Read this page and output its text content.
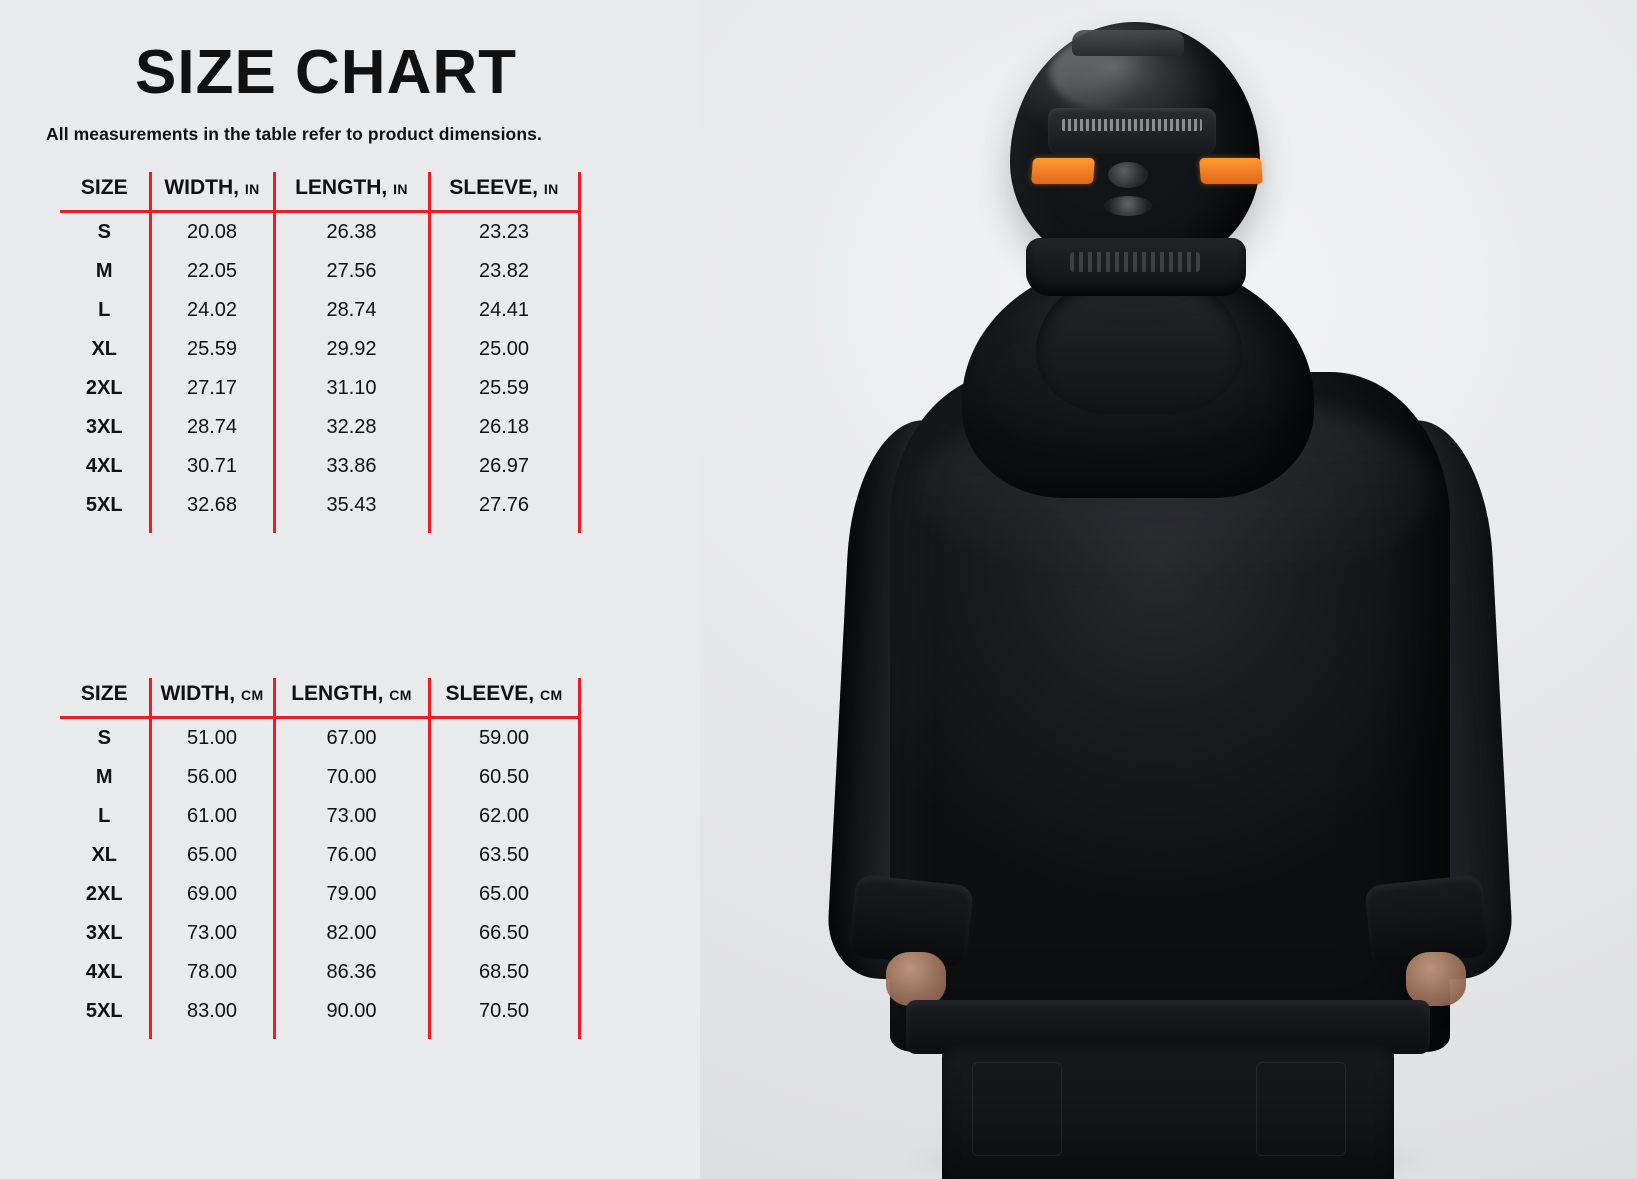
SIZE CHART
All measurements in the table refer to product dimensions.
SIZE	WIDTH, IN	LENGTH, IN	SLEEVE, IN
S	20.08	26.38	23.23
M	22.05	27.56	23.82
L	24.02	28.74	24.41
XL	25.59	29.92	25.00
2XL	27.17	31.10	25.59
3XL	28.74	32.28	26.18
4XL	30.71	33.86	26.97
5XL	32.68	35.43	27.76
SIZE	WIDTH, CM	LENGTH, CM	SLEEVE, CM
S	51.00	67.00	59.00
M	56.00	70.00	60.50
L	61.00	73.00	62.00
XL	65.00	76.00	63.50
2XL	69.00	79.00	65.00
3XL	73.00	82.00	66.50
4XL	78.00	86.36	68.50
5XL	83.00	90.00	70.50
